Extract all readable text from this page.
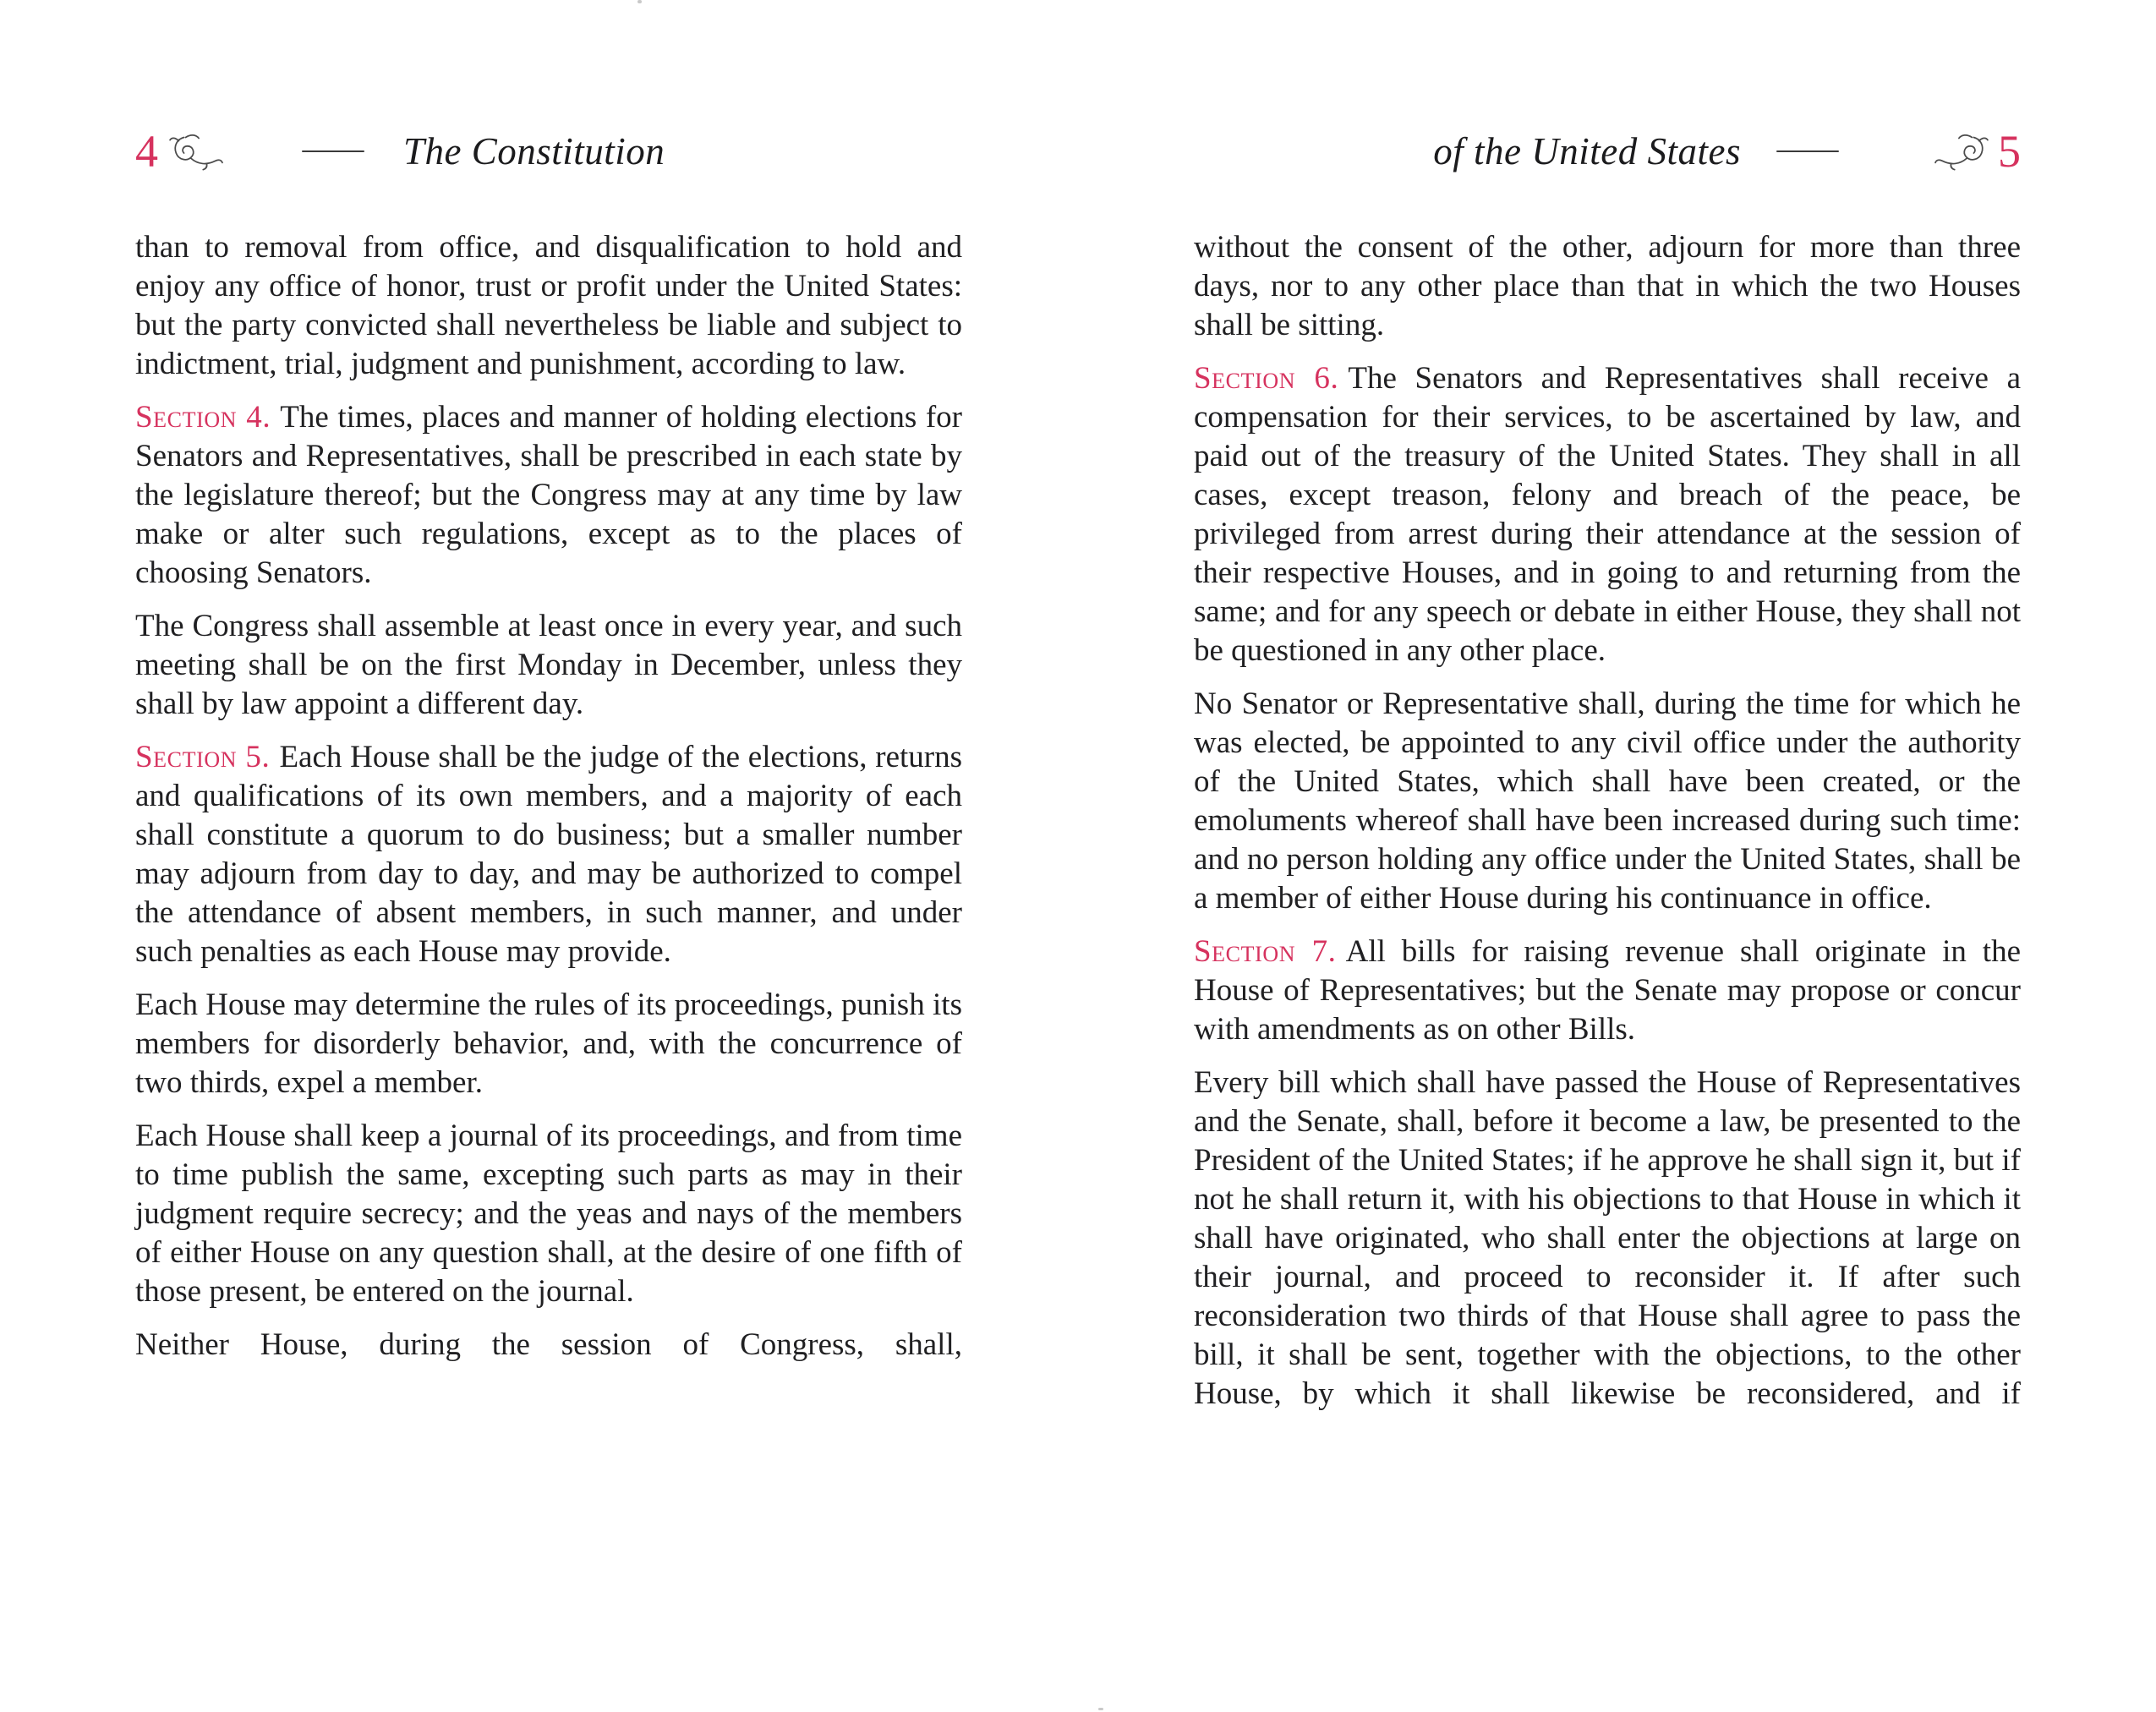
4	The Constitution	of the United States	5

than to removal from office, and disqualification to hold and enjoy any office of honor, trust or profit under the United States: but the party convicted shall nevertheless be liable and subject to indictment, trial, judgment and punishment, according to law.

Section 4. The times, places and manner of holding elections for Senators and Representatives, shall be prescribed in each state by the legislature thereof; but the Congress may at any time by law make or alter such regulations, except as to the places of choosing Senators.

The Congress shall assemble at least once in every year, and such meeting shall be on the first Monday in December, unless they shall by law appoint a different day.

Section 5. Each House shall be the judge of the elections, returns and qualifications of its own members, and a majority of each shall constitute a quorum to do business; but a smaller number may adjourn from day to day, and may be authorized to compel the attendance of absent members, in such manner, and under such penalties as each House may provide.

Each House may determine the rules of its proceedings, punish its members for disorderly behavior, and, with the concurrence of two thirds, expel a member.

Each House shall keep a journal of its proceedings, and from time to time publish the same, excepting such parts as may in their judgment require secrecy; and the yeas and nays of the members of either House on any question shall, at the desire of one fifth of those present, be entered on the journal.

Neither House, during the session of Congress, shall,

without the consent of the other, adjourn for more than three days, nor to any other place than that in which the two Houses shall be sitting.

Section 6. The Senators and Representatives shall receive a compensation for their services, to be ascertained by law, and paid out of the treasury of the United States. They shall in all cases, except treason, felony and breach of the peace, be privileged from arrest during their attendance at the session of their respective Houses, and in going to and returning from the same; and for any speech or debate in either House, they shall not be questioned in any other place.

No Senator or Representative shall, during the time for which he was elected, be appointed to any civil office under the authority of the United States, which shall have been created, or the emoluments whereof shall have been increased during such time: and no person holding any office under the United States, shall be a member of either House during his continuance in office.

Section 7. All bills for raising revenue shall originate in the House of Representatives; but the Senate may propose or concur with amendments as on other Bills.

Every bill which shall have passed the House of Representatives and the Senate, shall, before it become a law, be presented to the President of the United States; if he approve he shall sign it, but if not he shall return it, with his objections to that House in which it shall have originated, who shall enter the objections at large on their journal, and proceed to reconsider it. If after such reconsideration two thirds of that House shall agree to pass the bill, it shall be sent, together with the objections, to the other House, by which it shall likewise be reconsidered, and if
